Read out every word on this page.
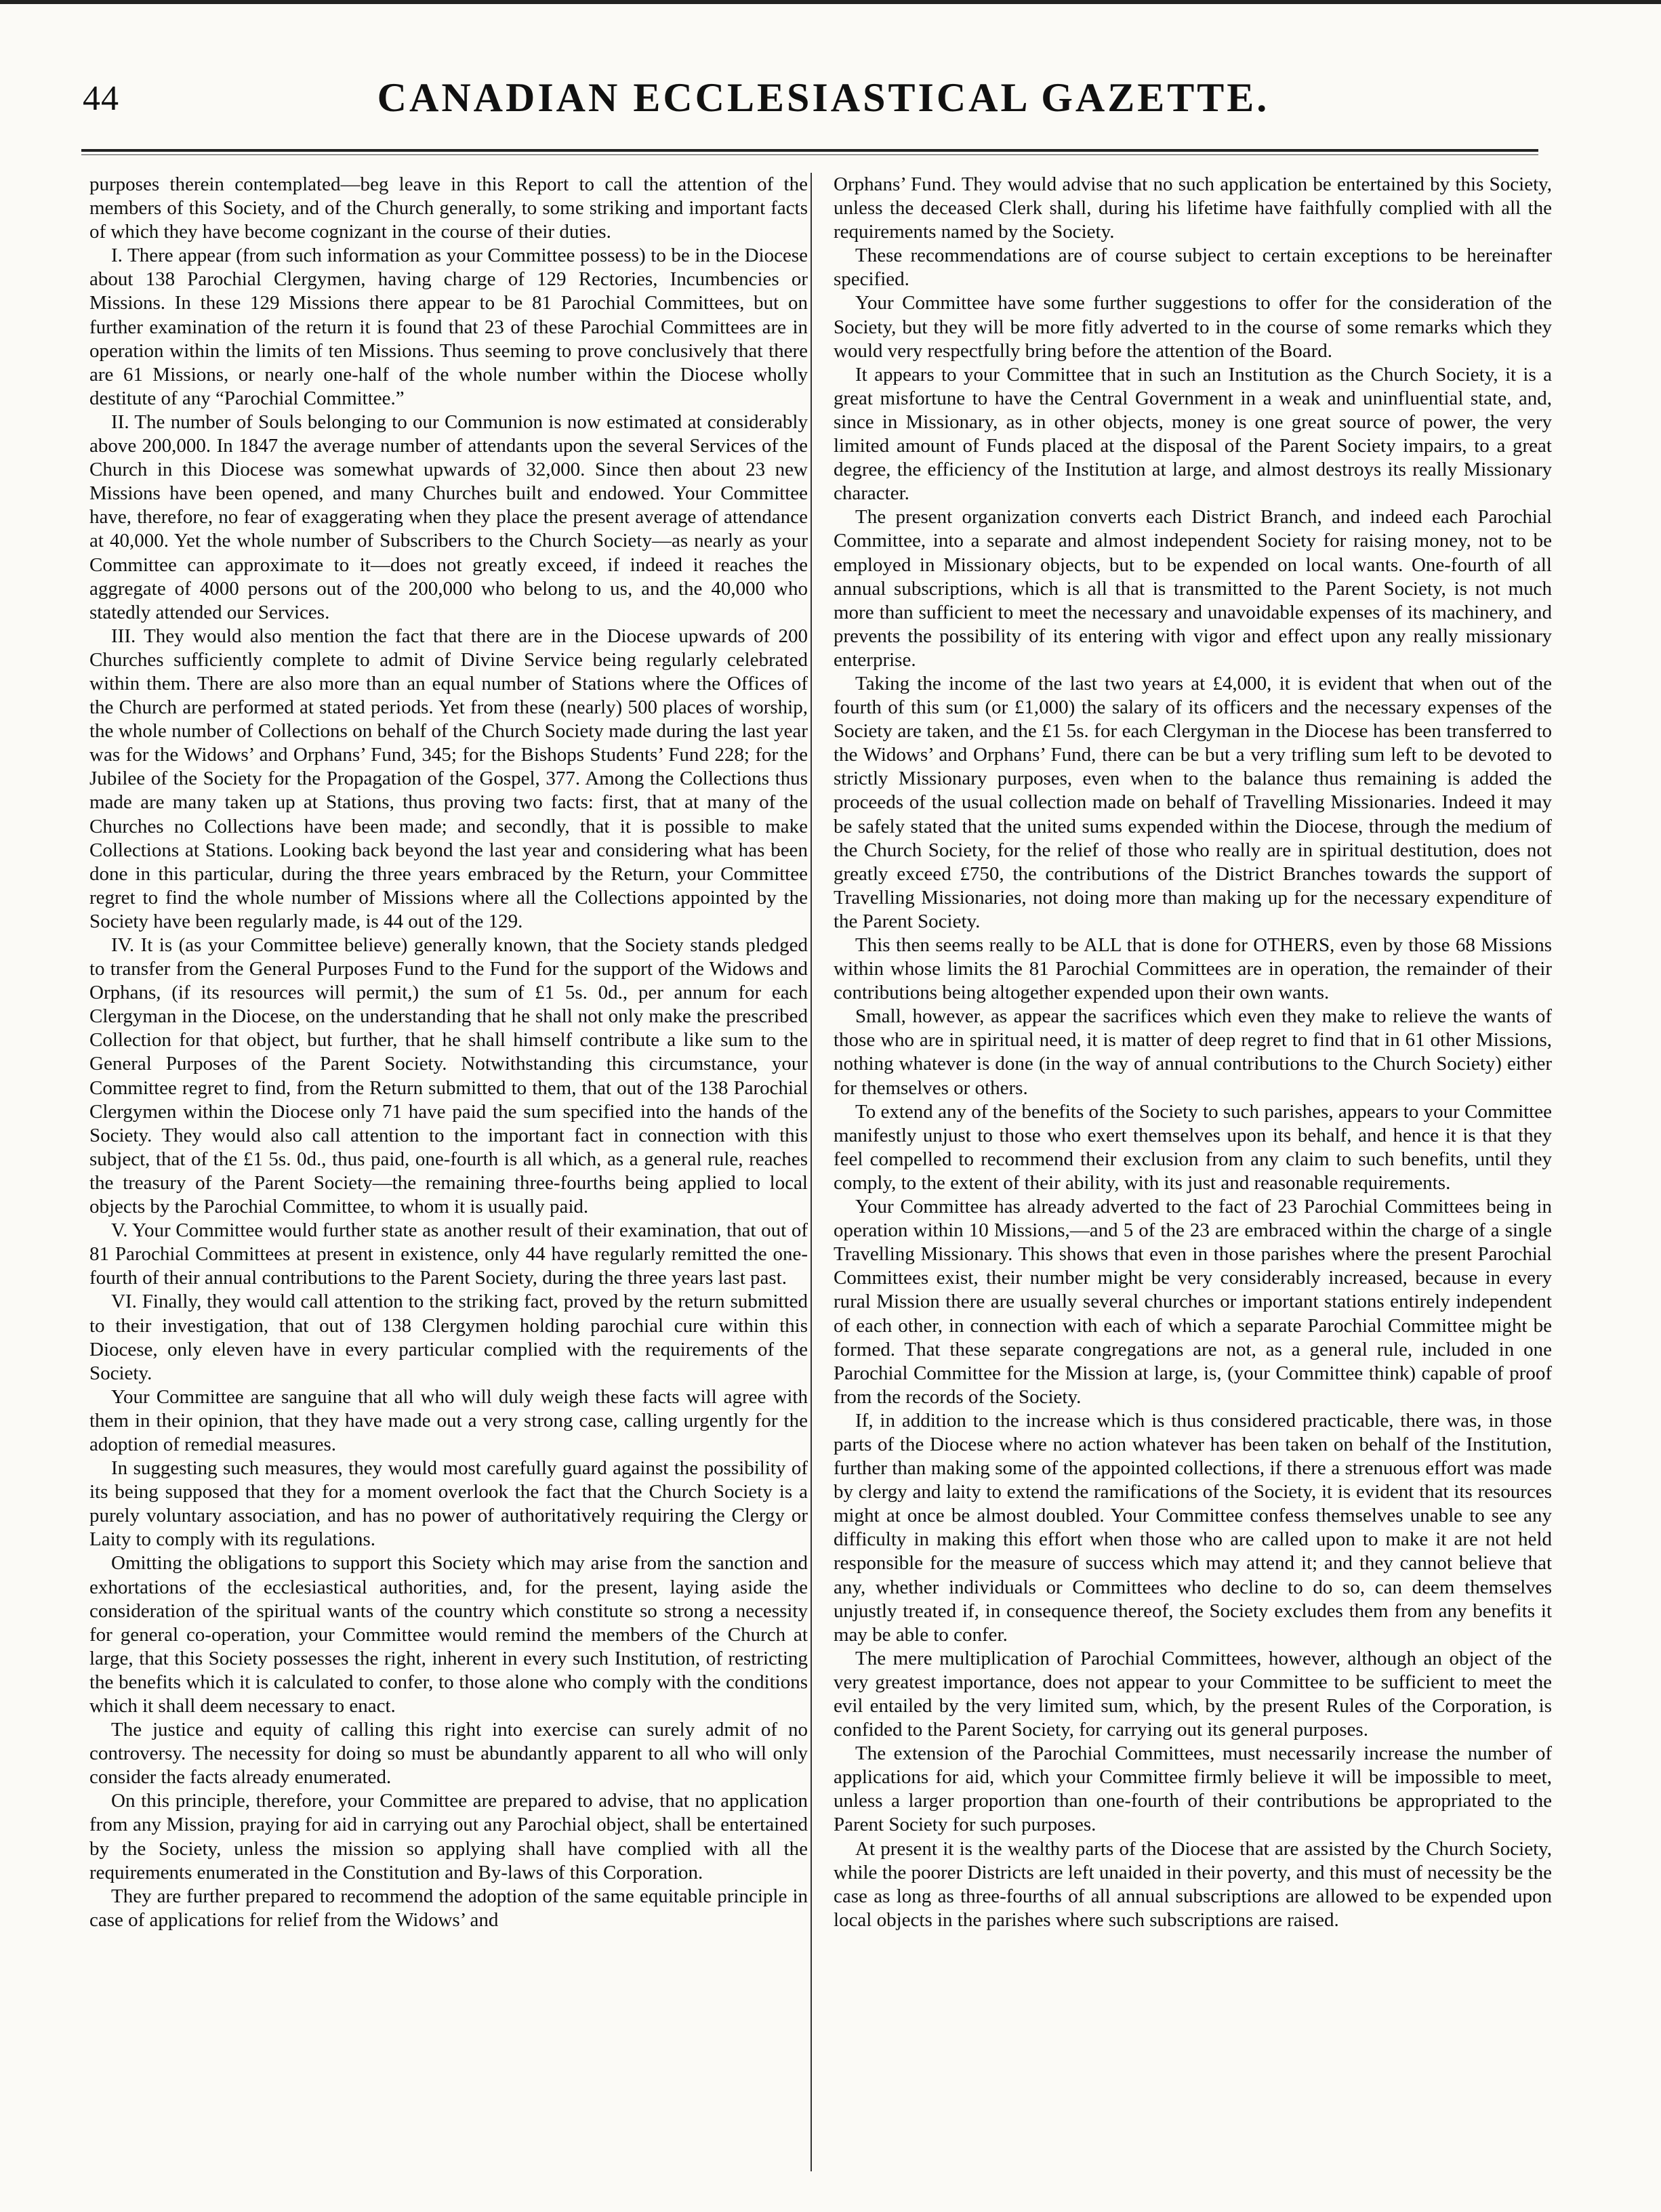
44	CANADIAN ECCLESIASTICAL GAZETTE.

purposes therein contemplated—beg leave in this Report to call the attention of the members of this Society, and of the Church generally, to some striking and important facts of which they have become cognizant in the course of their duties.

I. There appear (from such information as your Committee possess) to be in the Diocese about 138 Parochial Clergymen, having charge of 129 Rectories, Incumbencies or Missions. In these 129 Missions there appear to be 81 Parochial Committees, but on further examination of the return it is found that 23 of these Parochial Committees are in operation within the limits of ten Missions. Thus seeming to prove conclusively that there are 61 Missions, or nearly one-half of the whole number within the Diocese wholly destitute of any “Parochial Committee.”

II. The number of Souls belonging to our Communion is now estimated at considerably above 200,000. In 1847 the average number of attendants upon the several Services of the Church in this Diocese was somewhat upwards of 32,000. Since then about 23 new Missions have been opened, and many Churches built and endowed. Your Committee have, therefore, no fear of exaggerating when they place the present average of attendance at 40,000. Yet the whole number of Subscribers to the Church Society—as nearly as your Committee can approximate to it—does not greatly exceed, if indeed it reaches the aggregate of 4000 persons out of the 200,000 who belong to us, and the 40,000 who statedly attended our Services.

III. They would also mention the fact that there are in the Diocese upwards of 200 Churches sufficiently complete to admit of Divine Service being regularly celebrated within them. There are also more than an equal number of Stations where the Offices of the Church are performed at stated periods. Yet from these (nearly) 500 places of worship, the whole number of Collections on behalf of the Church Society made during the last year was for the Widows’ and Orphans’ Fund, 345; for the Bishops Students’ Fund 228; for the Jubilee of the Society for the Propagation of the Gospel, 377. Among the Collections thus made are many taken up at Stations, thus proving two facts: first, that at many of the Churches no Collections have been made; and secondly, that it is possible to make Collections at Stations. Looking back beyond the last year and considering what has been done in this particular, during the three years embraced by the Return, your Committee regret to find the whole number of Missions where all the Collections appointed by the Society have been regularly made, is 44 out of the 129.

IV. It is (as your Committee believe) generally known, that the Society stands pledged to transfer from the General Purposes Fund to the Fund for the support of the Widows and Orphans, (if its resources will permit,) the sum of £1 5s. 0d., per annum for each Clergyman in the Diocese, on the understanding that he shall not only make the prescribed Collection for that object, but further, that he shall himself contribute a like sum to the General Purposes of the Parent Society. Notwithstanding this circumstance, your Committee regret to find, from the Return submitted to them, that out of the 138 Parochial Clergymen within the Diocese only 71 have paid the sum specified into the hands of the Society. They would also call attention to the important fact in connection with this subject, that of the £1 5s. 0d., thus paid, one-fourth is all which, as a general rule, reaches the treasury of the Parent Society—the remaining three-fourths being applied to local objects by the Parochial Committee, to whom it is usually paid.

V. Your Committee would further state as another result of their examination, that out of 81 Parochial Committees at present in existence, only 44 have regularly remitted the one-fourth of their annual contributions to the Parent Society, during the three years last past.

VI. Finally, they would call attention to the striking fact, proved by the return submitted to their investigation, that out of 138 Clergymen holding parochial cure within this Diocese, only eleven have in every particular complied with the requirements of the Society.

Your Committee are sanguine that all who will duly weigh these facts will agree with them in their opinion, that they have made out a very strong case, calling urgently for the adoption of remedial measures.

In suggesting such measures, they would most carefully guard against the possibility of its being supposed that they for a moment overlook the fact that the Church Society is a purely voluntary association, and has no power of authoritatively requiring the Clergy or Laity to comply with its regulations.

Omitting the obligations to support this Society which may arise from the sanction and exhortations of the ecclesiastical authorities, and, for the present, laying aside the consideration of the spiritual wants of the country which constitute so strong a necessity for general co-operation, your Committee would remind the members of the Church at large, that this Society possesses the right, inherent in every such Institution, of restricting the benefits which it is calculated to confer, to those alone who comply with the conditions which it shall deem necessary to enact.

The justice and equity of calling this right into exercise can surely admit of no controversy. The necessity for doing so must be abundantly apparent to all who will only consider the facts already enumerated.

On this principle, therefore, your Committee are prepared to advise, that no application from any Mission, praying for aid in carrying out any Parochial object, shall be entertained by the Society, unless the mission so applying shall have complied with all the requirements enumerated in the Constitution and By-laws of this Corporation.

They are further prepared to recommend the adoption of the same equitable principle in case of applications for relief from the Widows’ and

Orphans’ Fund. They would advise that no such application be entertained by this Society, unless the deceased Clerk shall, during his lifetime have faithfully complied with all the requirements named by the Society.

These recommendations are of course subject to certain exceptions to be hereinafter specified.

Your Committee have some further suggestions to offer for the consideration of the Society, but they will be more fitly adverted to in the course of some remarks which they would very respectfully bring before the attention of the Board.

It appears to your Committee that in such an Institution as the Church Society, it is a great misfortune to have the Central Government in a weak and uninfluential state, and, since in Missionary, as in other objects, money is one great source of power, the very limited amount of Funds placed at the disposal of the Parent Society impairs, to a great degree, the efficiency of the Institution at large, and almost destroys its really Missionary character.

The present organization converts each District Branch, and indeed each Parochial Committee, into a separate and almost independent Society for raising money, not to be employed in Missionary objects, but to be expended on local wants. One-fourth of all annual subscriptions, which is all that is transmitted to the Parent Society, is not much more than sufficient to meet the necessary and unavoidable expenses of its machinery, and prevents the possibility of its entering with vigor and effect upon any really missionary enterprise.

Taking the income of the last two years at £4,000, it is evident that when out of the fourth of this sum (or £1,000) the salary of its officers and the necessary expenses of the Society are taken, and the £1 5s. for each Clergyman in the Diocese has been transferred to the Widows’ and Orphans’ Fund, there can be but a very trifling sum left to be devoted to strictly Missionary purposes, even when to the balance thus remaining is added the proceeds of the usual collection made on behalf of Travelling Missionaries. Indeed it may be safely stated that the united sums expended within the Diocese, through the medium of the Church Society, for the relief of those who really are in spiritual destitution, does not greatly exceed £750, the contributions of the District Branches towards the support of Travelling Missionaries, not doing more than making up for the necessary expenditure of the Parent Society.

This then seems really to be ALL that is done for OTHERS, even by those 68 Missions within whose limits the 81 Parochial Committees are in operation, the remainder of their contributions being altogether expended upon their own wants.

Small, however, as appear the sacrifices which even they make to relieve the wants of those who are in spiritual need, it is matter of deep regret to find that in 61 other Missions, nothing whatever is done (in the way of annual contributions to the Church Society) either for themselves or others.

To extend any of the benefits of the Society to such parishes, appears to your Committee manifestly unjust to those who exert themselves upon its behalf, and hence it is that they feel compelled to recommend their exclusion from any claim to such benefits, until they comply, to the extent of their ability, with its just and reasonable requirements.

Your Committee has already adverted to the fact of 23 Parochial Committees being in operation within 10 Missions,—and 5 of the 23 are embraced within the charge of a single Travelling Missionary. This shows that even in those parishes where the present Parochial Committees exist, their number might be very considerably increased, because in every rural Mission there are usually several churches or important stations entirely independent of each other, in connection with each of which a separate Parochial Committee might be formed. That these separate congregations are not, as a general rule, included in one Parochial Committee for the Mission at large, is, (your Committee think) capable of proof from the records of the Society.

If, in addition to the increase which is thus considered practicable, there was, in those parts of the Diocese where no action whatever has been taken on behalf of the Institution, further than making some of the appointed collections, if there a strenuous effort was made by clergy and laity to extend the ramifications of the Society, it is evident that its resources might at once be almost doubled. Your Committee confess themselves unable to see any difficulty in making this effort when those who are called upon to make it are not held responsible for the measure of success which may attend it; and they cannot believe that any, whether individuals or Committees who decline to do so, can deem themselves unjustly treated if, in consequence thereof, the Society excludes them from any benefits it may be able to confer.

The mere multiplication of Parochial Committees, however, although an object of the very greatest importance, does not appear to your Committee to be sufficient to meet the evil entailed by the very limited sum, which, by the present Rules of the Corporation, is confided to the Parent Society, for carrying out its general purposes.

The extension of the Parochial Committees, must necessarily increase the number of applications for aid, which your Committee firmly believe it will be impossible to meet, unless a larger proportion than one-fourth of their contributions be appropriated to the Parent Society for such purposes.

At present it is the wealthy parts of the Diocese that are assisted by the Church Society, while the poorer Districts are left unaided in their poverty, and this must of necessity be the case as long as three-fourths of all annual subscriptions are allowed to be expended upon local objects in the parishes where such subscriptions are raised.
